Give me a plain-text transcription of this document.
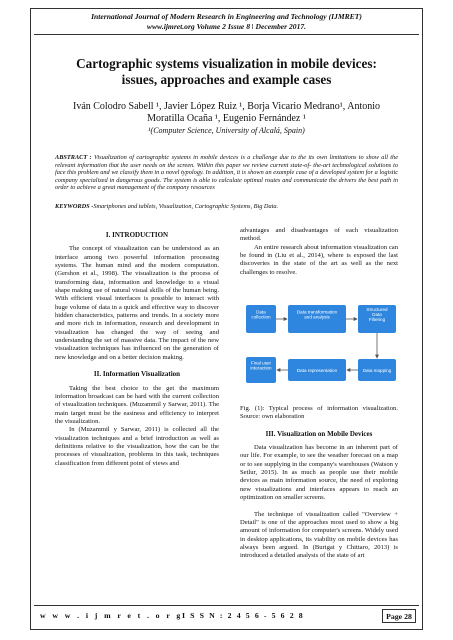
International Journal of Modern Research in Engineering and Technology (IJMRET)
www.ijmret.org Volume 2 Issue 8 ǀ December 2017.
Cartographic systems visualization in mobile devices:
issues, approaches and example cases
Iván Colodro Sabell ¹, Javier López Ruiz ¹, Borja Vicario Medrano¹, Antonio
Moratilla Ocaña ¹, Eugenio Fernández ¹
¹(Computer Science, University of Alcalá, Spain)
ABSTRACT : Visualization of cartographic systems in mobile devices is a challenge due to the its own limitations to show all the relevant information that the user needs on the screen. Within this paper we review current state-of- the-art technological solutions to face this problem and we classify them in a novel typology. In addition, it is shown an example case of a developed system for a logistic company specialized in dangerous goods. The system is able to calculate optimal routes and communicate the drivers the best path in order to achieve a great management of the company resources
KEYWORDS -Smartphones and tablets, Visualization, Cartographic Systems, Big Data.
I. INTRODUCTION

The concept of visualization can be understood as an interface among two powerful information processing systems. The human mind and the modern computation. (Gershon et al., 1998). The visualization is the process of transforming data, information and knowledge to a visual shape making use of natural visual skills of the human being. With efficient visual interfaces is possible to interact with huge volume of data in a quick and effective way to discover hidden characteristics, patterns and trends. In a society more and more rich in information, research and development in visualization has changed the way of seeing and understanding the set of massive data. The impact of the new visualization techniques has influenced on the generation of new knowledge and on a better decision making.

II. Information Visualization

Taking the best choice to the get the maximum information broadcast can be hard with the current collection of visualization techniques. (Muzammil y Sarwar, 2011). The main target must be the easiness and efficiency to interpret the visualization.

In (Muzammil y Sarwar, 2011) is collected all the visualization techniques and a brief introduction as well as definitions relative to the visualization, how the can be the processes of visualization, problems in this task, techniques classification from different point of views and

advantages and disadvantages of each visualization method.

An entire research about information visualization can be found in (Liu et al., 2014), where is exposed the last discoveries in the state of the art as well as the next challenges to resolve.

Data collection
Data transformation and analysis
Structured Data Filtering
Final user interaction	Data representation	Data mapping

Fig. (1): Typical process of information visualization. Source: own elaboration

III. Visualization on Mobile Devices

Data visualization has become in an inherent part of our life. For example, to see the weather forecast on a map or to see supplying in the company's warehouses (Watson y Setlur, 2015). In as much as people use their mobile devices as main information source, the need of exploring new visualizations and interfaces appears to reach an optimization on smaller screens.

The technique of visualization called "Overview + Detail" is one of the approaches most used to show a big amount of information for computer's screens. Widely used in desktop applications, its viability on mobile devices has always been argued. In (Burigat y Chittaro, 2013) is introduced a detailed analysis of the state of art

w w w . i j m r e t . o r g I S S N : 2 4 5 6 - 5 6 2 8	Page 28
